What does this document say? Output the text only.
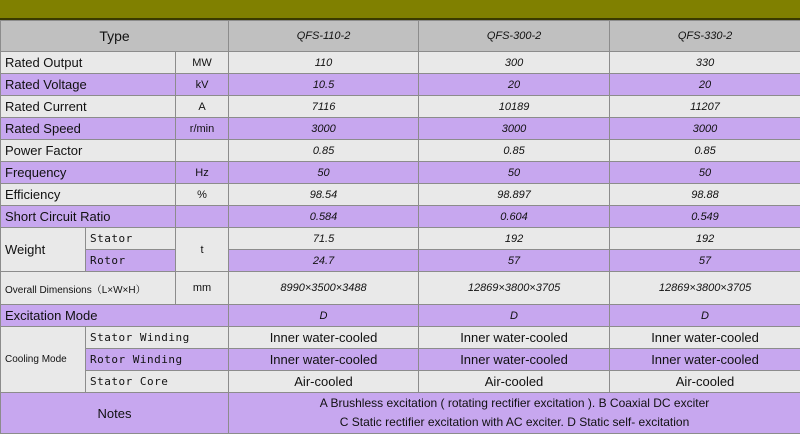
Type			QFS-110-2	QFS-300-2	QFS-330-2
Rated Output		MW	110	300	330
Rated Voltage		kV	10.5	20	20
Rated Current		A	7116	10189	11207
Rated Speed		r/min	3000	3000	3000
Power Factor			0.85	0.85	0.85
Frequency		Hz	50	50	50
Efficiency		%	98.54	98.897	98.88
Short Circuit Ratio			0.584	0.604	0.549
Weight	Stator	t	71.5	192	192
	Rotor		24.7	57	57
Overall Dimensions（L×W×H）		mm	8990×3500×3488	12869×3800×3705	12869×3800×3705
Excitation Mode			D	D	D
Cooling Mode	Stator Winding		Inner water-cooled	Inner water-cooled	Inner water-cooled
	Rotor Winding		Inner water-cooled	Inner water-cooled	Inner water-cooled
	Stator Core		Air-cooled	Air-cooled	Air-cooled
Notes			A Brushless excitation ( rotating rectifier excitation ). B Coaxial DC exciter
C Static rectifier excitation with AC exciter. D Static self- excitation		
